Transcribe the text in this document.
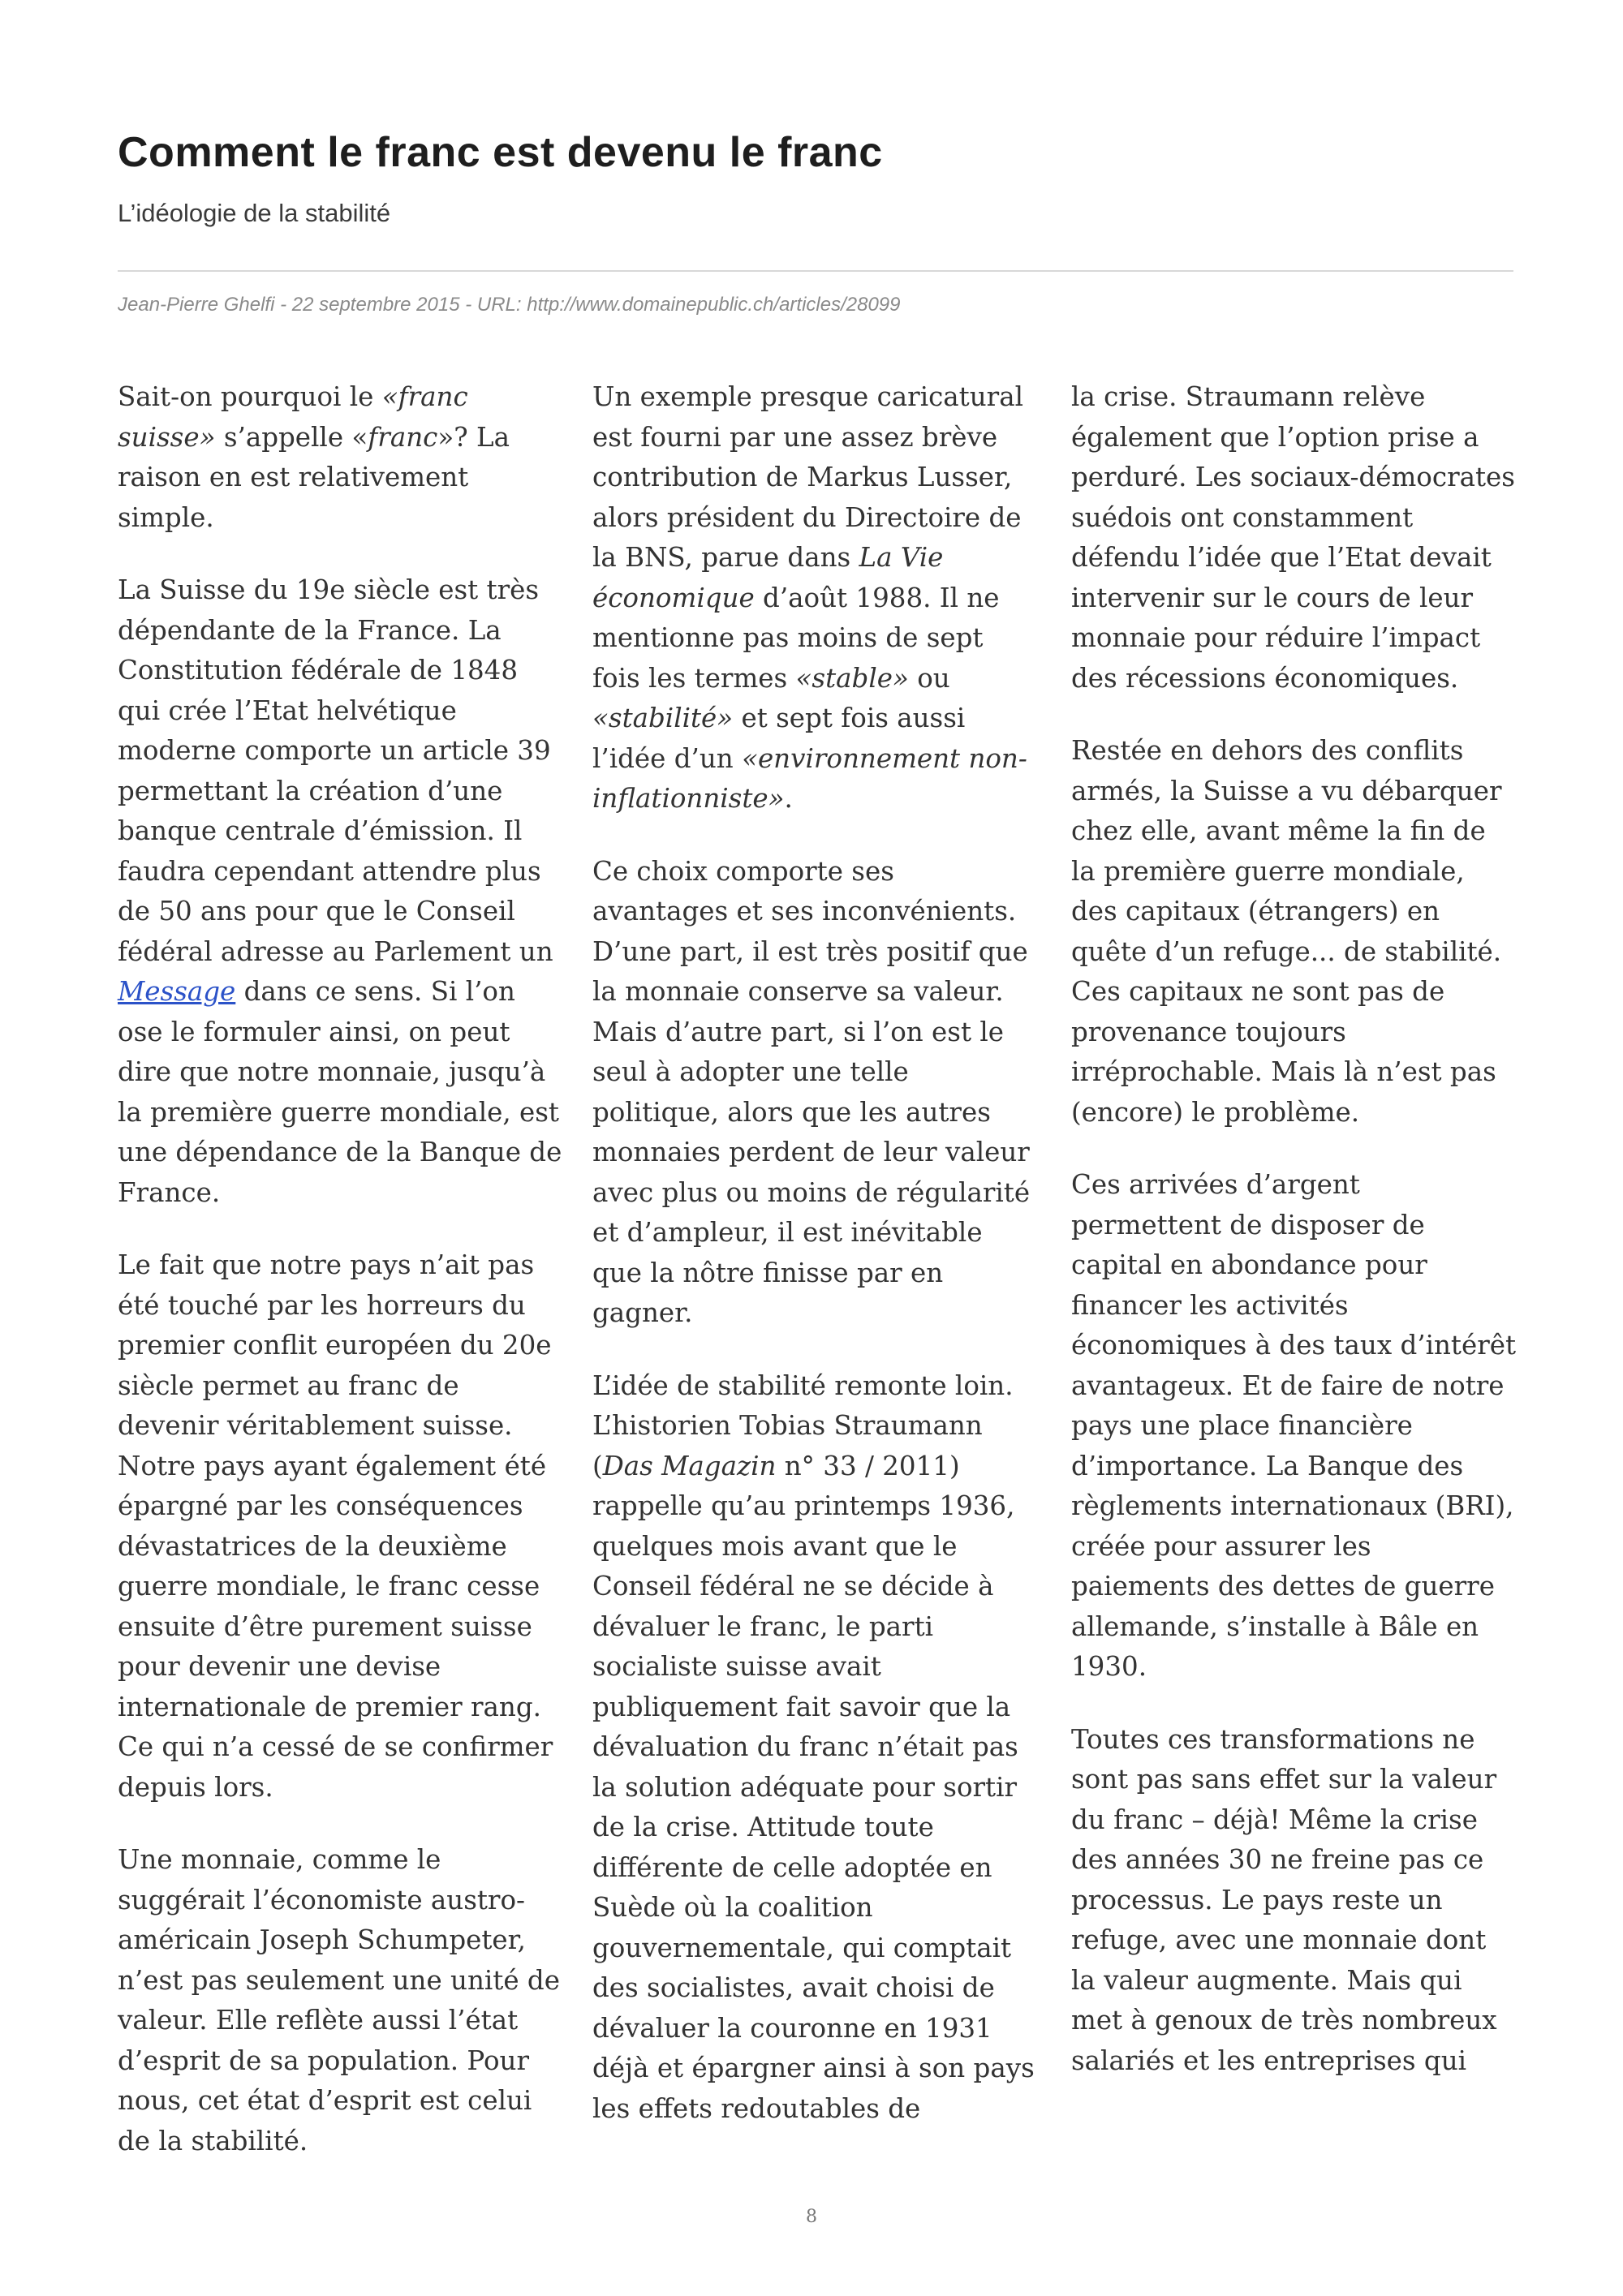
Comment le franc est devenu le franc
L’idéologie de la stabilité
Jean-Pierre Ghelfi - 22 septembre 2015 - URL: http://www.domainepublic.ch/articles/28099

Sait-on pourquoi le «franc suisse» s’appelle «franc»? La raison en est relativement simple.

La Suisse du 19e siècle est très dépendante de la France. La Constitution fédérale de 1848 qui crée l’Etat helvétique moderne comporte un article 39 permettant la création d’une banque centrale d’émission. Il faudra cependant attendre plus de 50 ans pour que le Conseil fédéral adresse au Parlement un Message dans ce sens. Si l’on ose le formuler ainsi, on peut dire que notre monnaie, jusqu’à la première guerre mondiale, est une dépendance de la Banque de France.

Le fait que notre pays n’ait pas été touché par les horreurs du premier conflit européen du 20e siècle permet au franc de devenir véritablement suisse. Notre pays ayant également été épargné par les conséquences dévastatrices de la deuxième guerre mondiale, le franc cesse ensuite d’être purement suisse pour devenir une devise internationale de premier rang. Ce qui n’a cessé de se confirmer depuis lors.

Une monnaie, comme le suggérait l’économiste austro-américain Joseph Schumpeter, n’est pas seulement une unité de valeur. Elle reflète aussi l’état d’esprit de sa population. Pour nous, cet état d’esprit est celui de la stabilité.

Un exemple presque caricatural est fourni par une assez brève contribution de Markus Lusser, alors président du Directoire de la BNS, parue dans La Vie économique d’août 1988. Il ne mentionne pas moins de sept fois les termes «stable» ou «stabilité» et sept fois aussi l’idée d’un «environnement non-inflationniste».

Ce choix comporte ses avantages et ses inconvénients. D’une part, il est très positif que la monnaie conserve sa valeur. Mais d’autre part, si l’on est le seul à adopter une telle politique, alors que les autres monnaies perdent de leur valeur avec plus ou moins de régularité et d’ampleur, il est inévitable que la nôtre finisse par en gagner.

L’idée de stabilité remonte loin. L’historien Tobias Straumann (Das Magazin n° 33 / 2011) rappelle qu’au printemps 1936, quelques mois avant que le Conseil fédéral ne se décide à dévaluer le franc, le parti socialiste suisse avait publiquement fait savoir que la dévaluation du franc n’était pas la solution adéquate pour sortir de la crise. Attitude toute différente de celle adoptée en Suède où la coalition gouvernementale, qui comptait des socialistes, avait choisi de dévaluer la couronne en 1931 déjà et épargner ainsi à son pays les effets redoutables de

la crise. Straumann relève également que l’option prise a perduré. Les sociaux-démocrates suédois ont constamment défendu l’idée que l’Etat devait intervenir sur le cours de leur monnaie pour réduire l’impact des récessions économiques.

Restée en dehors des conflits armés, la Suisse a vu débarquer chez elle, avant même la fin de la première guerre mondiale, des capitaux (étrangers) en quête d’un refuge... de stabilité. Ces capitaux ne sont pas de provenance toujours irréprochable. Mais là n’est pas (encore) le problème.

Ces arrivées d’argent permettent de disposer de capital en abondance pour financer les activités économiques à des taux d’intérêt avantageux. Et de faire de notre pays une place financière d’importance. La Banque des règlements internationaux (BRI), créée pour assurer les paiements des dettes de guerre allemande, s’installe à Bâle en 1930.

Toutes ces transformations ne sont pas sans effet sur la valeur du franc – déjà! Même la crise des années 30 ne freine pas ce processus. Le pays reste un refuge, avec une monnaie dont la valeur augmente. Mais qui met à genoux de très nombreux salariés et les entreprises qui

8
